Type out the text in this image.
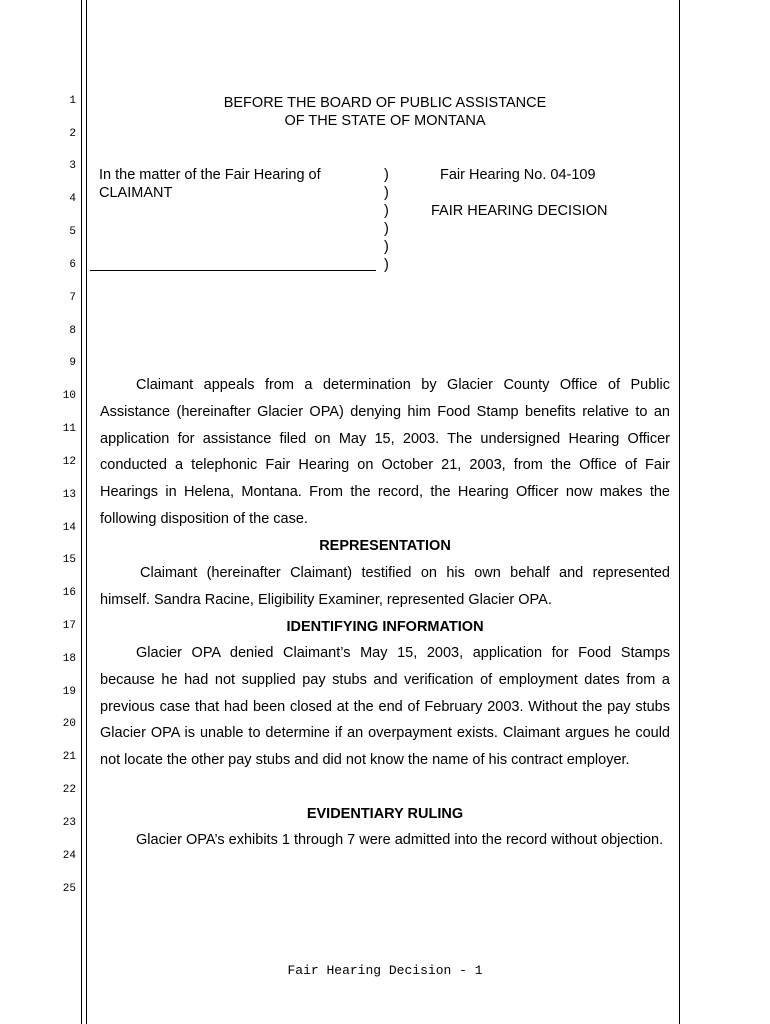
1
2
3
4
5
6
7
8
9
10
11
12
13
14
15
16
17
18
19
20
21
22
23
24
25
BEFORE THE BOARD OF PUBLIC ASSISTANCE
OF THE STATE OF MONTANA
In the matter of the Fair Hearing of
CLAIMANT
)
)
)
)
)
)
Fair Hearing No. 04-109
FAIR HEARING DECISION

Claimant appeals from a determination by Glacier County Office of Public Assistance (hereinafter Glacier OPA) denying him Food Stamp benefits relative to an application for assistance filed on May 15, 2003. The undersigned Hearing Officer conducted a telephonic Fair Hearing on October 21, 2003, from the Office of Fair Hearings in Helena, Montana. From the record, the Hearing Officer now makes the following disposition of the case.

REPRESENTATION

Claimant (hereinafter Claimant) testified on his own behalf and represented himself. Sandra Racine, Eligibility Examiner, represented Glacier OPA.

IDENTIFYING INFORMATION

Glacier OPA denied Claimant’s May 15, 2003, application for Food Stamps because he had not supplied pay stubs and verification of employment dates from a previous case that had been closed at the end of February 2003. Without the pay stubs Glacier OPA is unable to determine if an overpayment exists. Claimant argues he could not locate the other pay stubs and did not know the name of his contract employer.

EVIDENTIARY RULING

Glacier OPA’s exhibits 1 through 7 were admitted into the record without objection.

Fair Hearing Decision - 1
